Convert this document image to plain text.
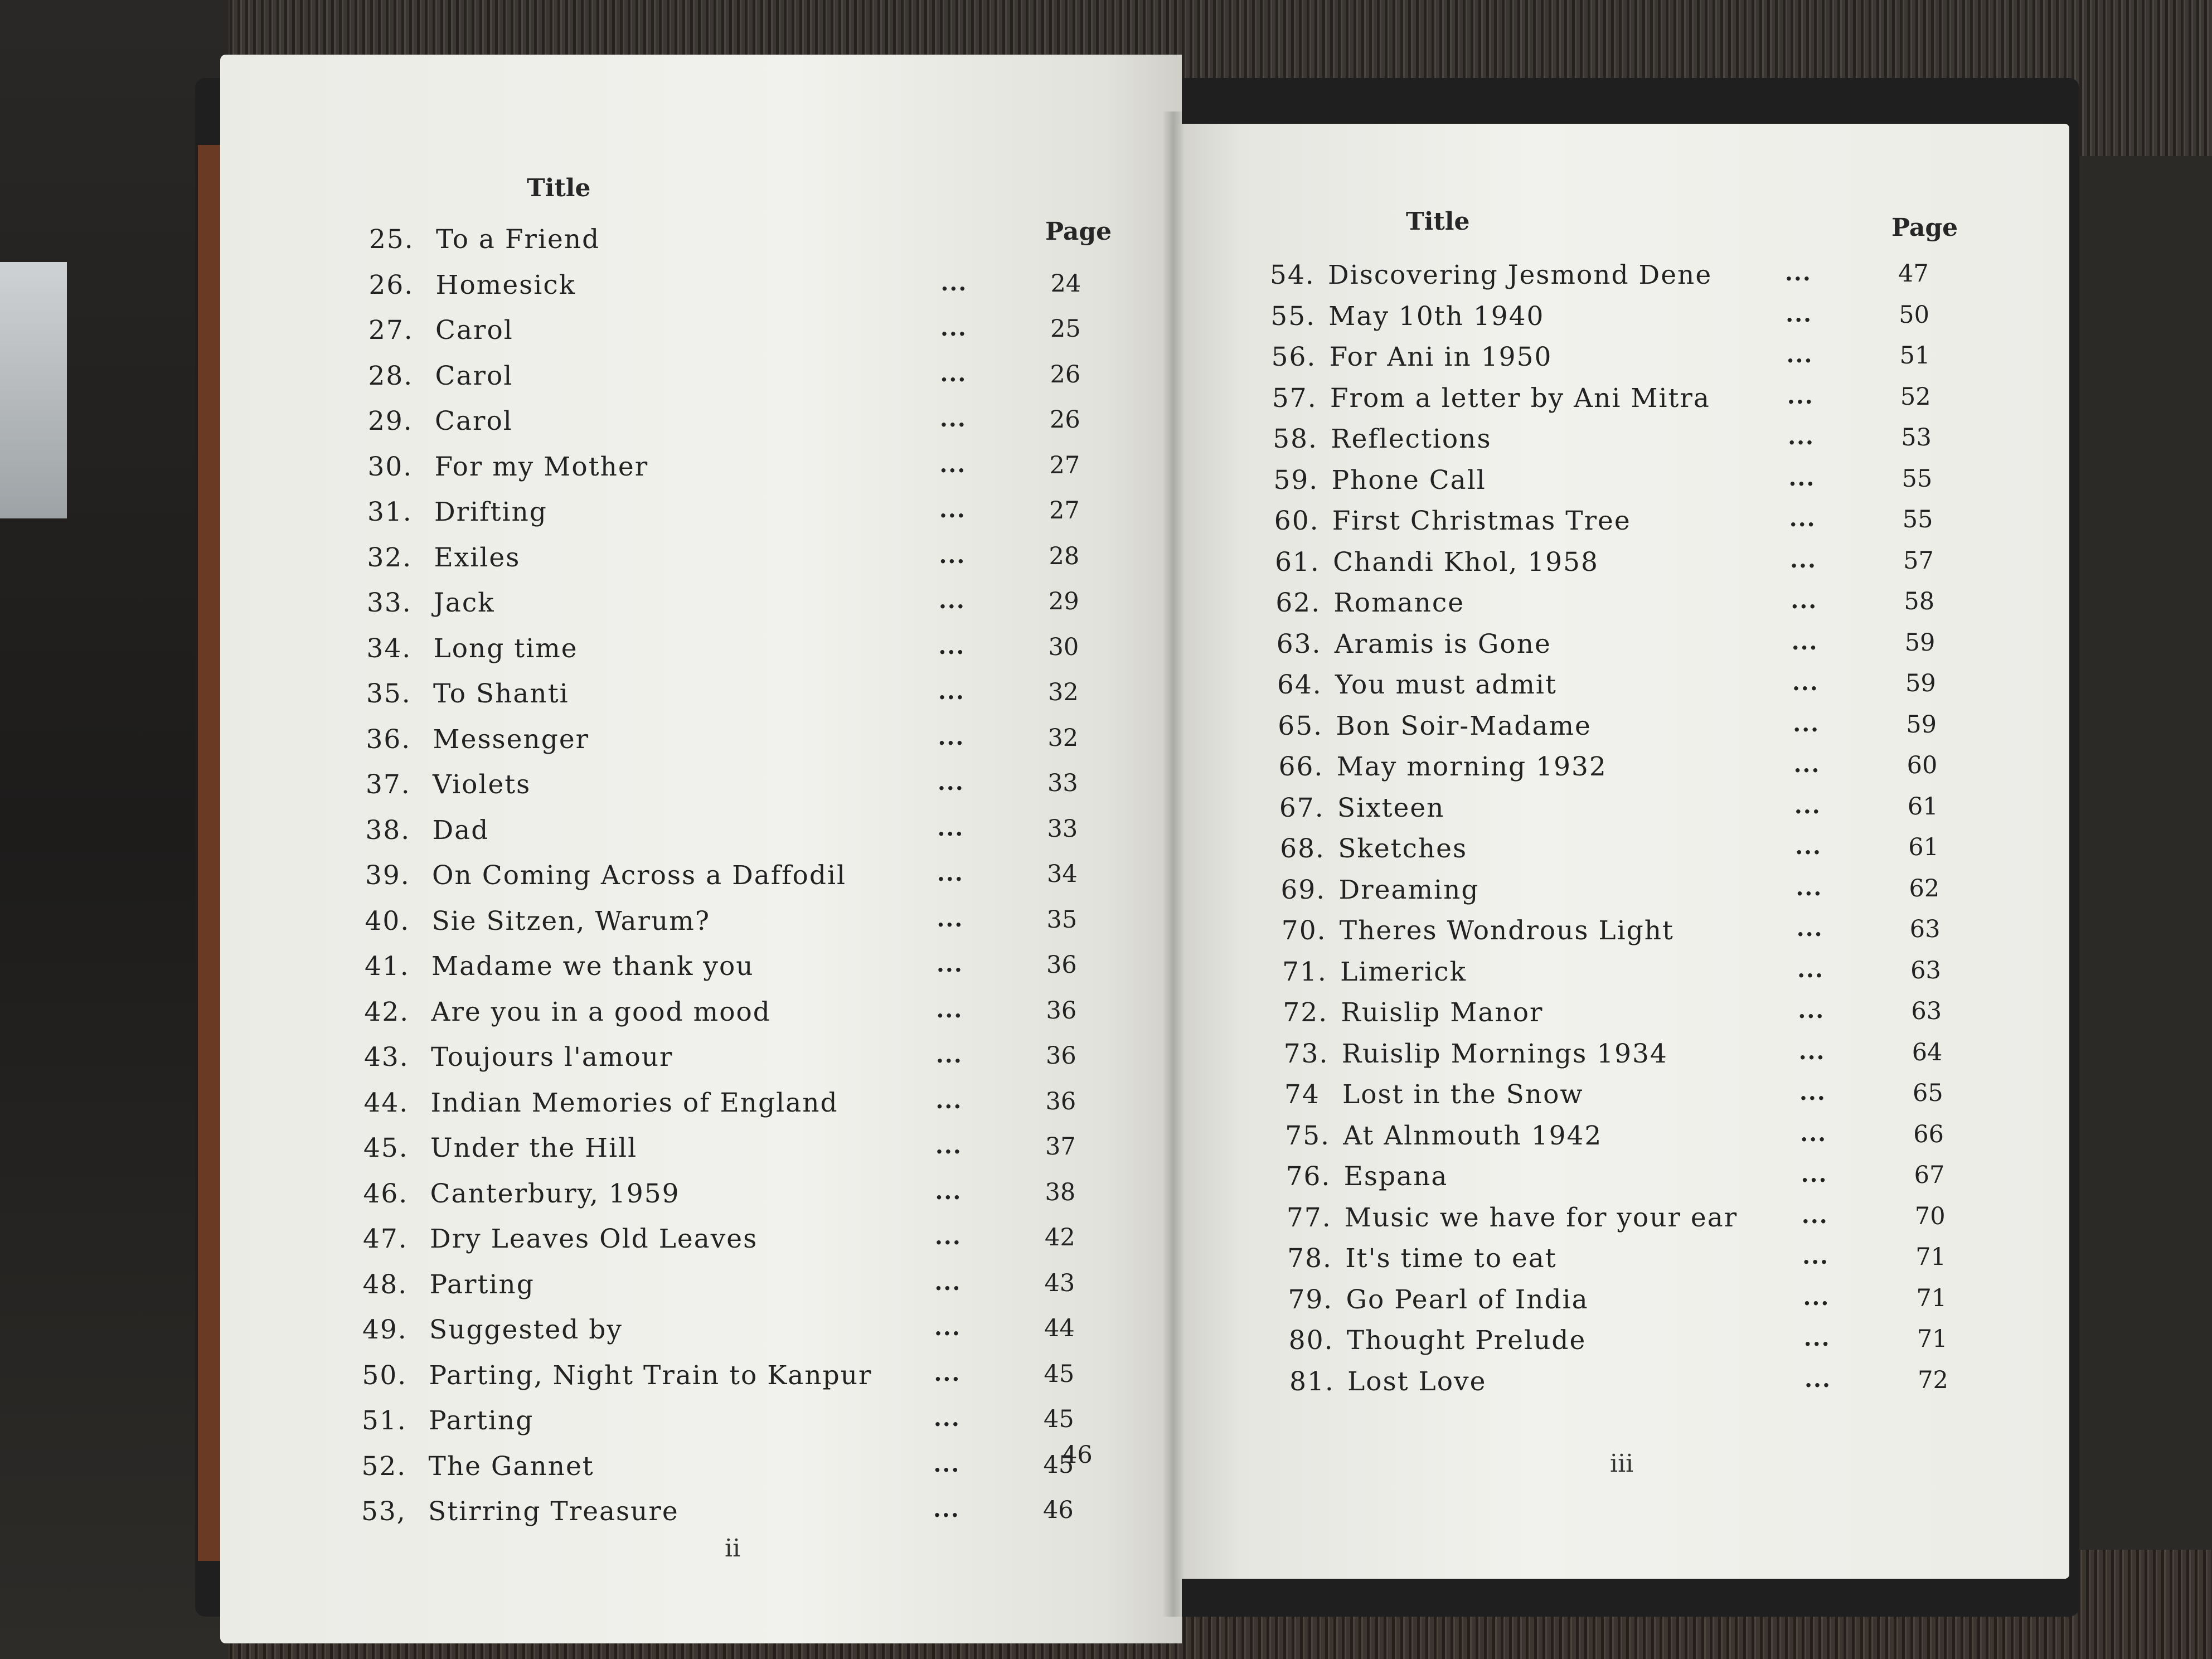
Title
Page
25. To a Friend
26. Homesick	...	24
27. Carol	...	25
28. Carol	...	26
29. Carol	...	26
30. For my Mother	...	27
31. Drifting	...	27
32. Exiles	...	28
33. Jack	...	29
34. Long time	...	30
35. To Shanti	...	32
36. Messenger	...	32
37. Violets	...	33
38. Dad	...	33
39. On Coming Across a Daffodil	...	34
40. Sie Sitzen, Warum?	...	35
41. Madame we thank you	...	36
42. Are you in a good mood	...	36
43. Toujours l'amour	...	36
44. Indian Memories of England	...	36
45. Under the Hill	...	37
46. Canterbury, 1959	...	38
47. Dry Leaves Old Leaves	...	42
48. Parting	...	43
49. Suggested by	...	44
50. Parting, Night Train to Kanpur	...	45
51. Parting	...	45
52. The Gannet	...	45
53, Stirring Treasure	...	46
46
ii
Title	Page
54. Discovering Jesmond Dene	...	47
55. May 10th 1940	...	50
56. For Ani in 1950	...	51
57. From a letter by Ani Mitra	...	52
58. Reflections	...	53
59. Phone Call	...	55
60. First Christmas Tree	...	55
61. Chandi Khol, 1958	...	57
62. Romance	...	58
63. Aramis is Gone	...	59
64. You must admit	...	59
65. Bon Soir-Madame	...	59
66. May morning 1932	...	60
67. Sixteen	...	61
68. Sketches	...	61
69. Dreaming	...	62
70. Theres Wondrous Light	...	63
71. Limerick	...	63
72. Ruislip Manor	...	63
73. Ruislip Mornings 1934	...	64
74 Lost in the Snow	...	65
75. At Alnmouth 1942	...	66
76. Espana	...	67
77. Music we have for your ear	...	70
78. It's time to eat	...	71
79. Go Pearl of India	...	71
80. Thought Prelude	...	71
81. Lost Love	...	72
iii
